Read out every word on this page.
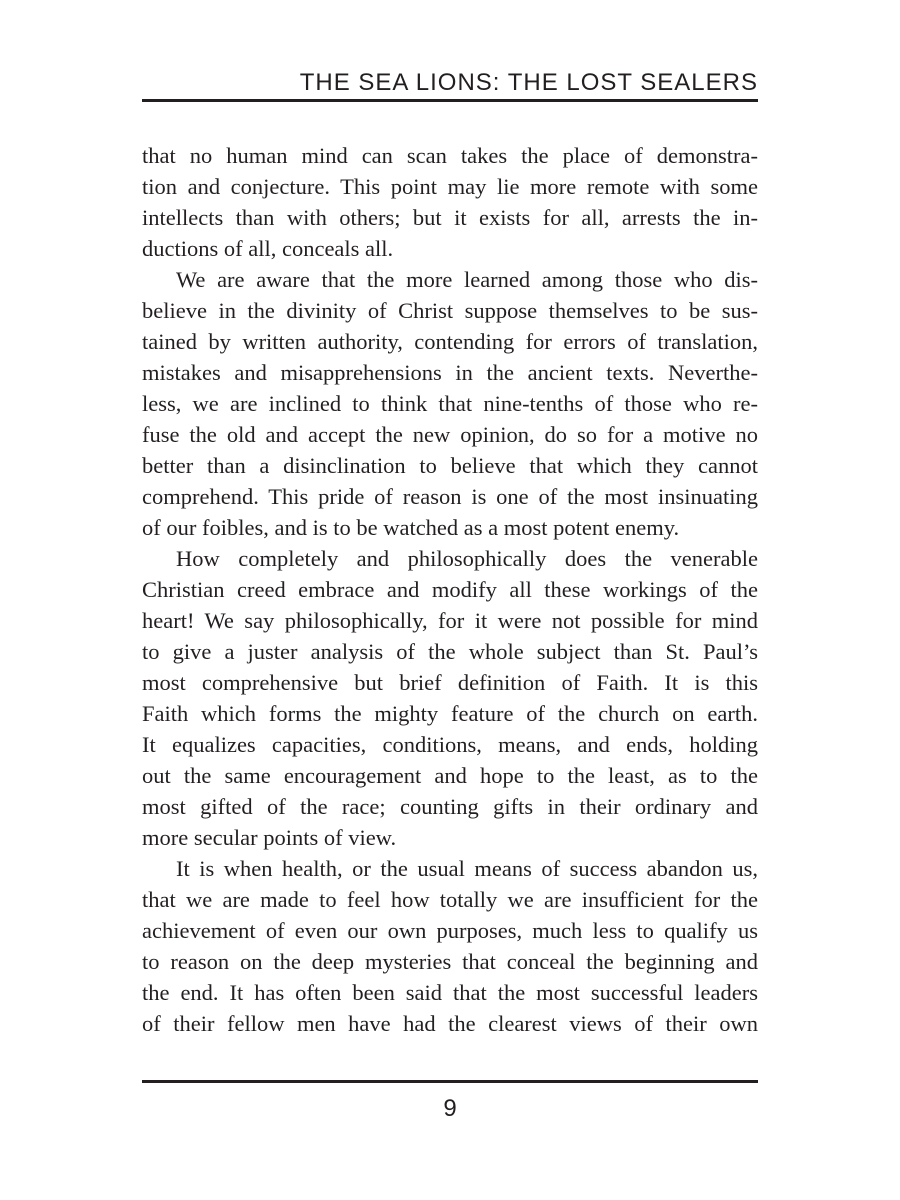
THE SEA LIONS: THE LOST SEALERS
that no human mind can scan takes the place of demonstra-
tion and conjecture. This point may lie more remote with some
intellects than with others; but it exists for all, arrests the in-
ductions of all, conceals all.
We are aware that the more learned among those who dis-
believe in the divinity of Christ suppose themselves to be sus-
tained by written authority, contending for errors of translation,
mistakes and misapprehensions in the ancient texts. Neverthe-
less, we are inclined to think that nine-tenths of those who re-
fuse the old and accept the new opinion, do so for a motive no
better than a disinclination to believe that which they cannot
comprehend. This pride of reason is one of the most insinuating
of our foibles, and is to be watched as a most potent enemy.
How completely and philosophically does the venerable
Christian creed embrace and modify all these workings of the
heart! We say philosophically, for it were not possible for mind
to give a juster analysis of the whole subject than St. Paul’s
most comprehensive but brief definition of Faith. It is this
Faith which forms the mighty feature of the church on earth.
It equalizes capacities, conditions, means, and ends, holding
out the same encouragement and hope to the least, as to the
most gifted of the race; counting gifts in their ordinary and
more secular points of view.
It is when health, or the usual means of success abandon us,
that we are made to feel how totally we are insufficient for the
achievement of even our own purposes, much less to qualify us
to reason on the deep mysteries that conceal the beginning and
the end. It has often been said that the most successful leaders
of their fellow men have had the clearest views of their own
9
